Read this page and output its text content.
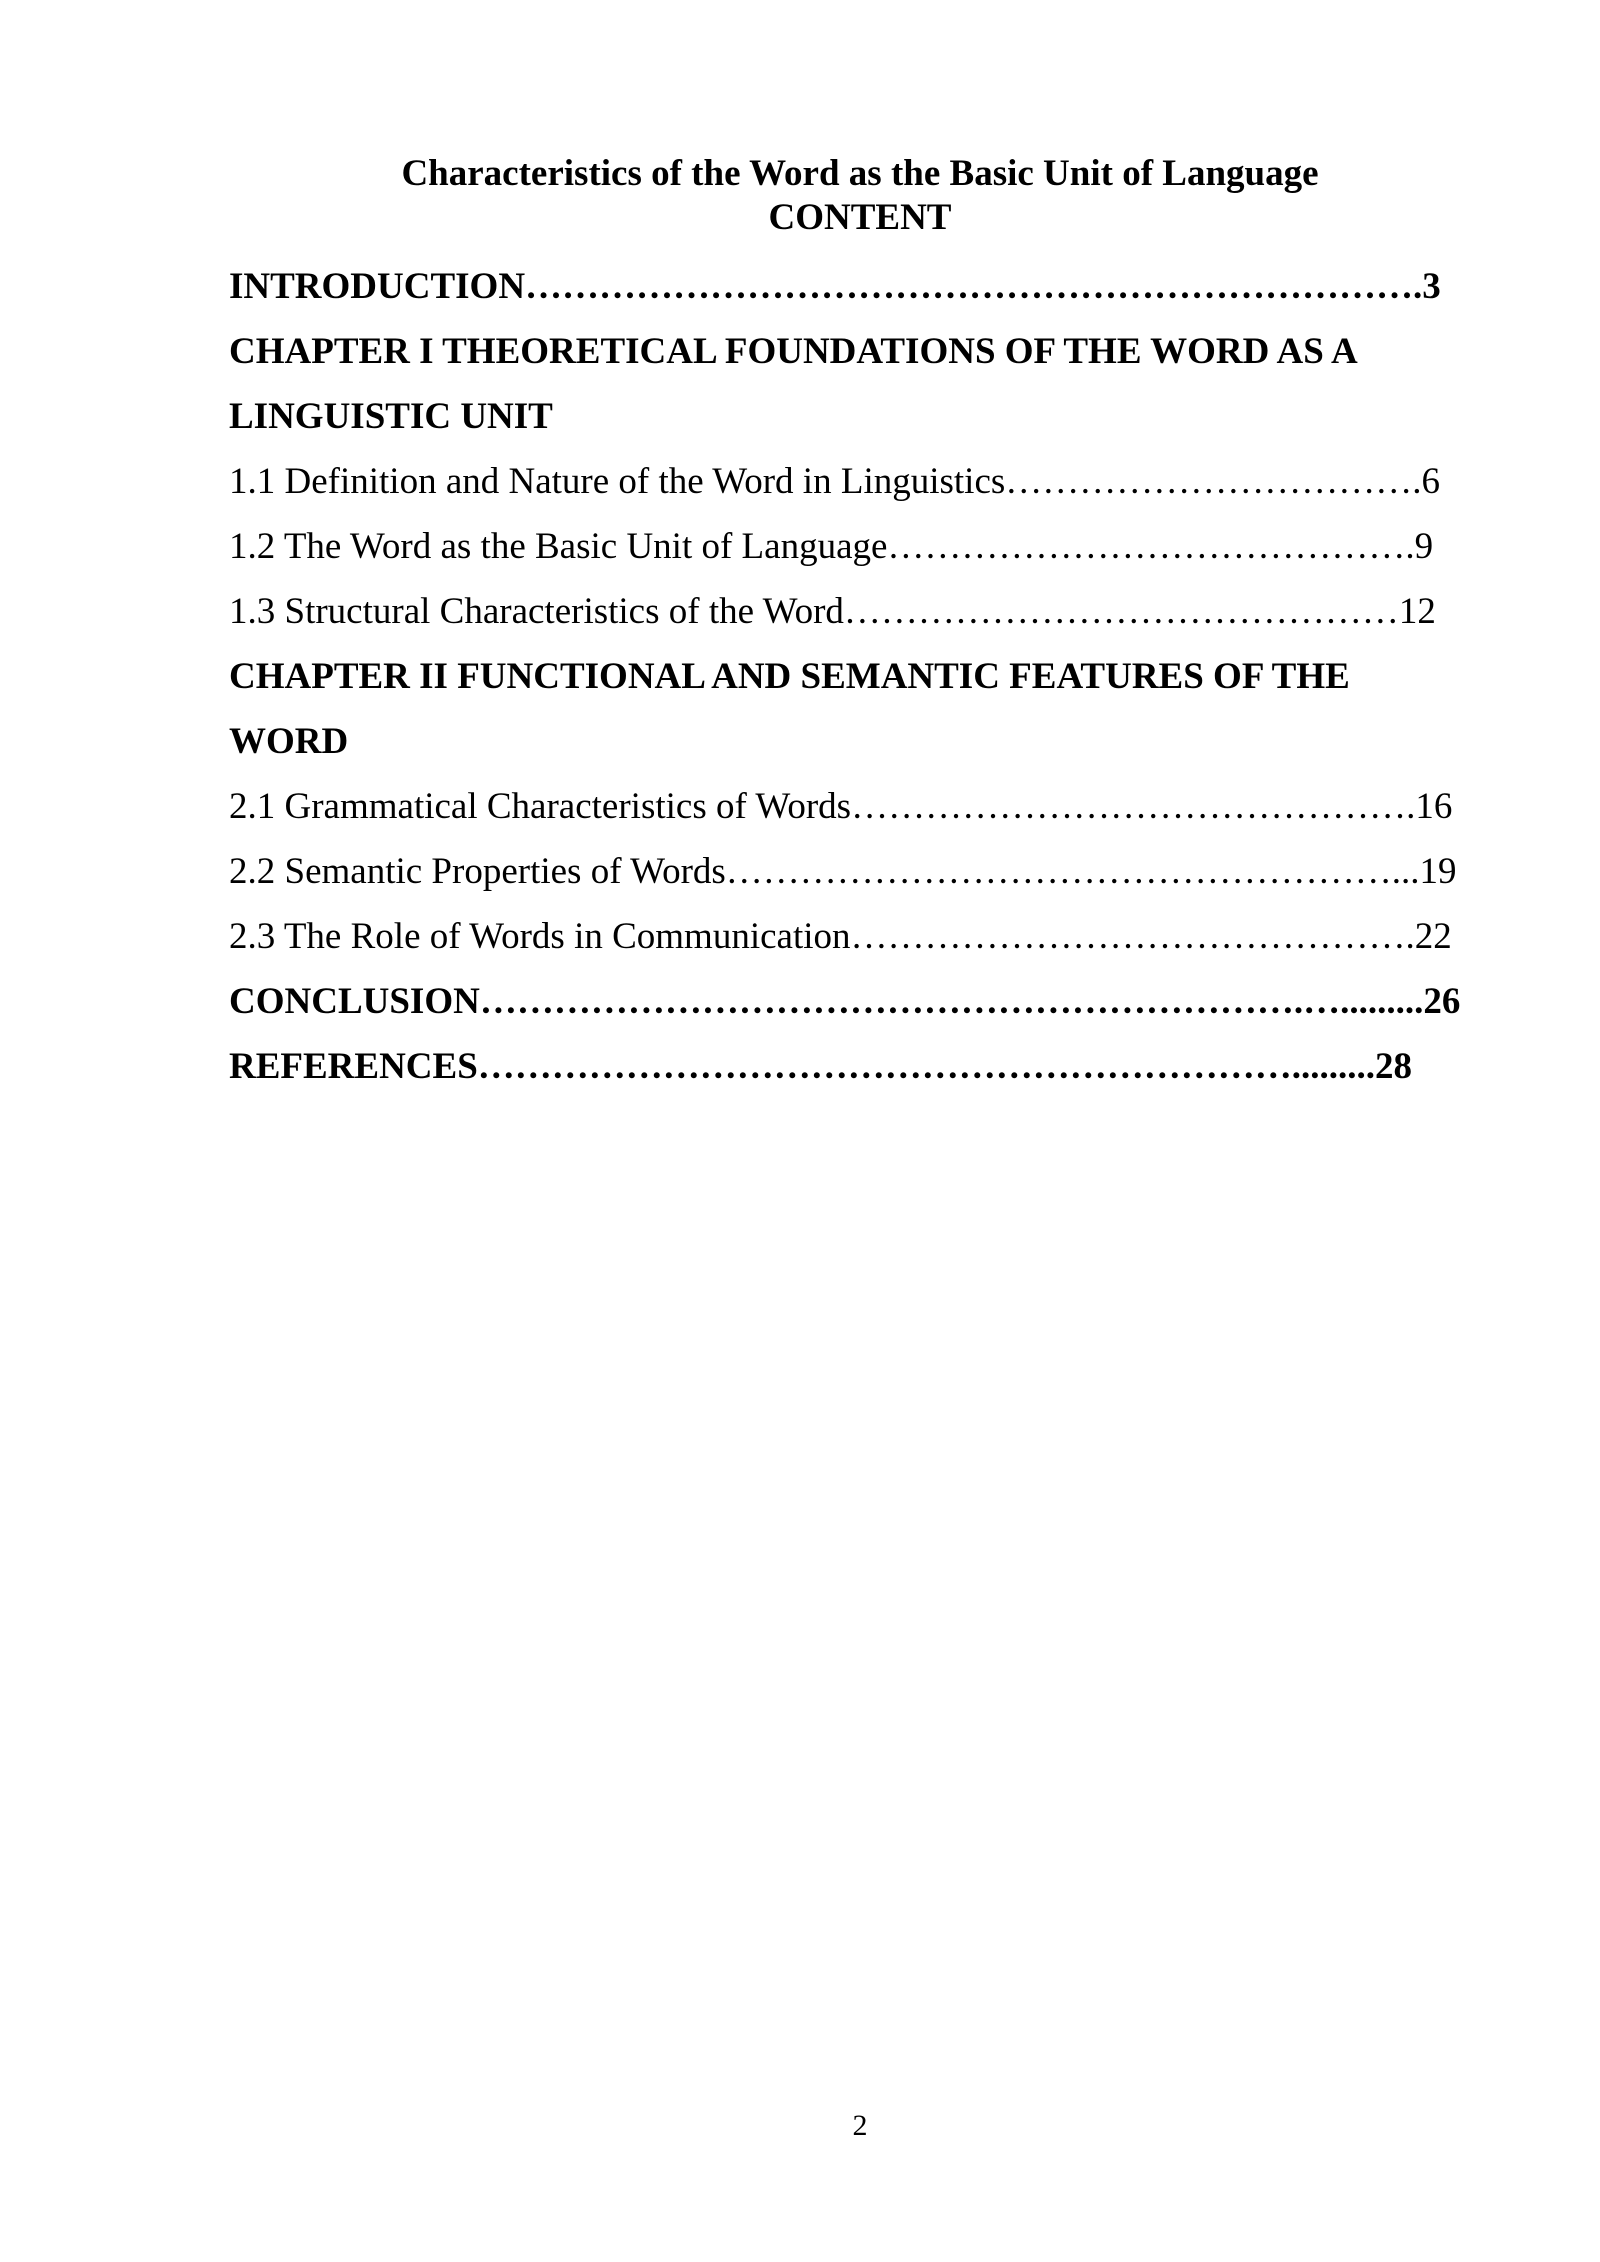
Characteristics of the Word as the Basic Unit of Language
CONTENT
INTRODUCTION……………………………………………………………….3
CHAPTER I THEORETICAL FOUNDATIONS OF THE WORD AS A
LINGUISTIC UNIT
1.1 Definition and Nature of the Word in Linguistics…………………………….6
1.2 The Word as the Basic Unit of Language…………………………………….9
1.3 Structural Characteristics of the Word………………………………………12
CHAPTER II FUNCTIONAL AND SEMANTIC FEATURES OF THE
WORD
2.1 Grammatical Characteristics of Words……………………………………….16
2.2 Semantic Properties of Words………………………………………………...19
2.3 The Role of Words in Communication……………………………………….22
CONCLUSION………………………………………………………….….........26
REFERENCES………………………………………………………….........28
2
